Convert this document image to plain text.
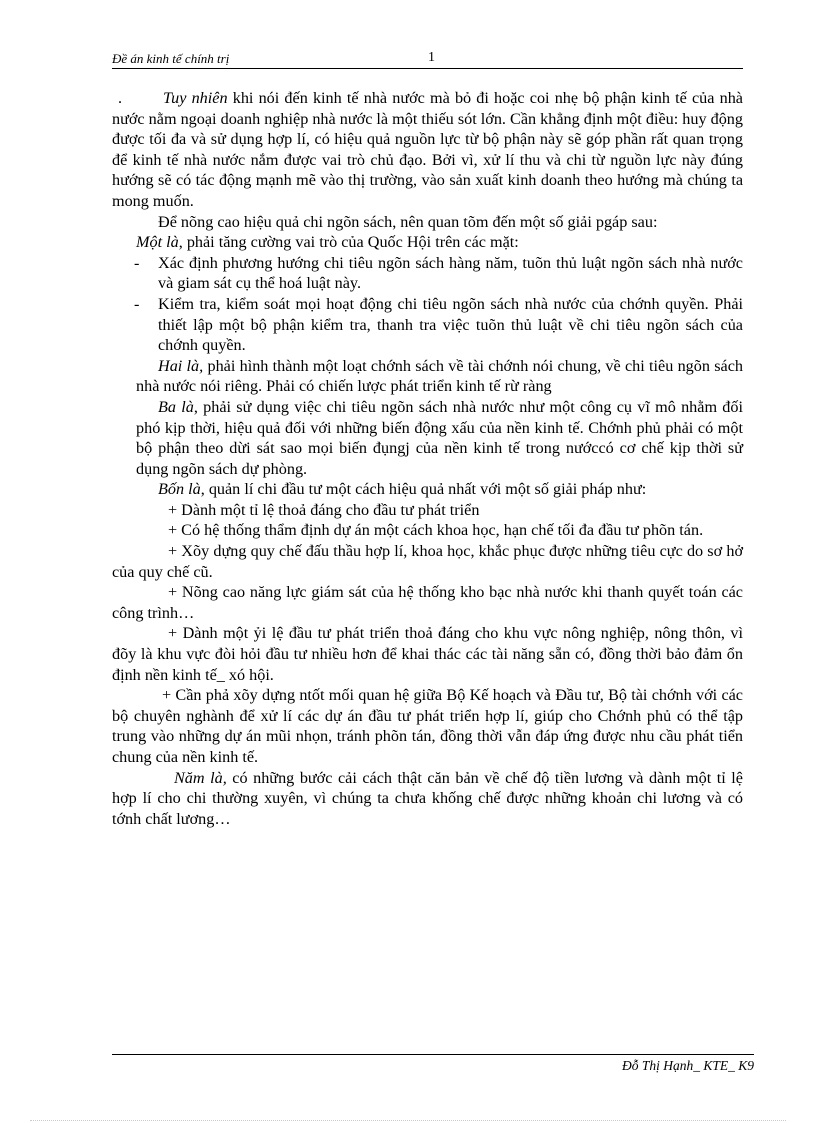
Đề án kinh tế chính trị	1

.	Tuy nhiên khi nói đến kinh tế nhà nước mà bỏ đi hoặc coi nhẹ bộ phận kinh tế của nhà nước nằm ngoại doanh nghiệp nhà nước là một thiếu sót lớn. Cần khẳng định một điều: huy động được tối đa và sử dụng hợp lí, có hiệu quả nguồn lực từ bộ phận này sẽ góp phần rất quan trọng để kinh tế nhà nước nắm được vai trò chủ đạo. Bởi vì, xử lí thu và chi từ nguồn lực này đúng hướng sẽ có tác động mạnh mẽ vào thị trường, vào sản xuất kinh doanh theo hướng mà chúng ta mong muốn.

Để nõng cao hiệu quả chi ngõn sách, nên quan tõm đến một số giải pgáp sau:

Một là, phải tăng cường vai trò của Quốc Hội trên các mặt:

- Xác định phương hướng chi tiêu ngõn sách hàng năm, tuõn thủ luật ngõn sách nhà nước và giam sát cụ thể hoá luật này.

- Kiểm tra, kiểm soát mọi hoạt động chi tiêu ngõn sách nhà nước của chớnh quyền. Phải thiết lập một bộ phận kiểm tra, thanh tra việc tuõn thủ luật về chi tiêu ngõn sách của chớnh quyền.

Hai là, phải hình thành một loạt chớnh sách về tài chớnh nói chung, về chi tiêu ngõn sách nhà nước nói riêng. Phải có chiến lược phát triển kinh tế rừ ràng

Ba là, phải sử dụng việc chi tiêu ngõn sách nhà nước như một công cụ vĩ mô nhằm đối phó kịp thời, hiệu quả đối với những biến động xấu của nền kinh tế. Chớnh phủ phải có một bộ phận theo dừi sát sao mọi biến đụngj của nền kinh tế trong nướccó cơ chế kịp thời sử dụng ngõn sách dự phòng.

Bốn là, quản lí chi đầu tư một cách hiệu quả nhất với một số giải pháp như:

+ Dành một tỉ lệ thoả đáng cho đầu tư phát triển

+ Có hệ thống thẩm định dự án một cách khoa học, hạn chế tối đa đầu tư phõn tán.

+ Xõy dựng quy chế đấu thầu hợp lí, khoa học, khắc phục được những tiêu cực do sơ hở của quy chế cũ.

+ Nõng cao năng lực giám sát của hệ thống kho bạc nhà nước khi thanh quyết toán các công trình…

+ Dành một ỷi lệ đầu tư phát triển thoả đáng cho khu vực nông nghiệp, nông thôn, vì đõy là khu vực đòi hỏi đầu tư nhiều hơn để khai thác các tài năng sẵn có, đồng thời bảo đảm ổn định nền kinh tế_ xó hội.

+ Cần phả xõy dựng ntốt mối quan hệ giữa Bộ Kế hoạch và Đầu tư, Bộ tài chớnh với các bộ chuyên nghành để xử lí các dự án đầu tư phát triển hợp lí, giúp cho Chớnh phủ có thể tập trung vào những dự án mũi nhọn, tránh phõn tán, đồng thời vẫn đáp ứng được nhu cầu phát tiển chung của nền kinh tế.

Năm là, có những bước cải cách thật căn bản về chế độ tiền lương và dành một tỉ lệ hợp lí cho chi thường xuyên, vì chúng ta chưa khống chế được những khoản chi lương và có tớnh chất lương…

Đỗ Thị Hạnh_ KTE_ K9
